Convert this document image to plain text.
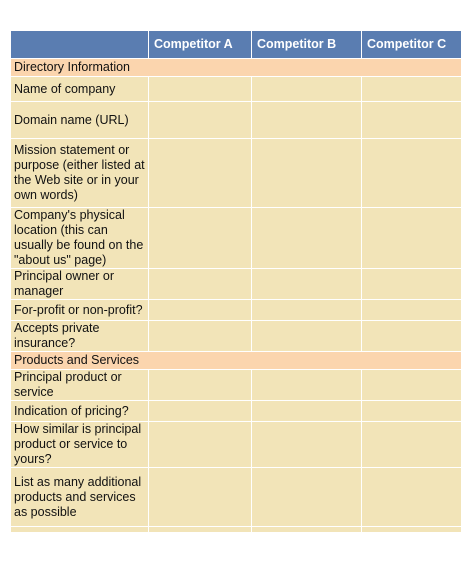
	Competitor A	Competitor B	Competitor C
Directory Information			
Name of company			
Domain name (URL)			
Mission statement or purpose (either listed at the Web site or in your own words)			
Company's physical location (this can usually be found on the "about us" page)			
Principal owner or manager			
For-profit or non-profit?			
Accepts private insurance?			
Products and Services			
Principal product or service			
Indication of pricing?			
How similar is principal product or service to yours?			
List as many additional products and services as possible			
